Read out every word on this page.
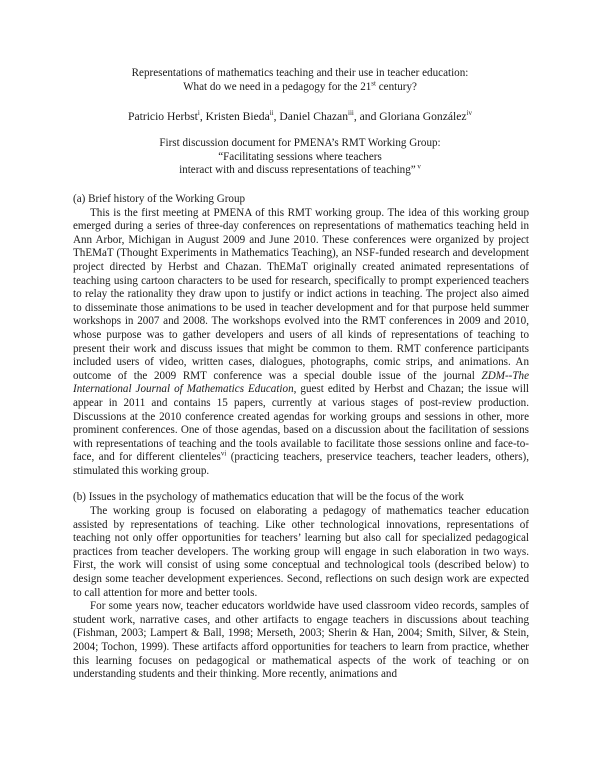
Representations of mathematics teaching and their use in teacher education:
What do we need in a pedagogy for the 21st century?
Patricio Herbst$^i$, Kristen Bieda$^{ii}$, Daniel Chazan$^{iii}$, and Gloriana González$^{iv}$
First discussion document for PMENA’s RMT Working Group:
“Facilitating sessions where teachers
interact with and discuss representations of teaching” $^v$
(a) Brief history of the Working Group

This is the first meeting at PMENA of this RMT working group. The idea of this working group emerged during a series of three-day conferences on representations of mathematics teaching held in Ann Arbor, Michigan in August 2009 and June 2010. These conferences were organized by project ThEMaT (Thought Experiments in Mathematics Teaching), an NSF-funded research and development project directed by Herbst and Chazan. ThEMaT originally created animated representations of teaching using cartoon characters to be used for research, specifically to prompt experienced teachers to relay the rationality they draw upon to justify or indict actions in teaching. The project also aimed to disseminate those animations to be used in teacher development and for that purpose held summer workshops in 2007 and 2008. The workshops evolved into the RMT conferences in 2009 and 2010, whose purpose was to gather developers and users of all kinds of representations of teaching to present their work and discuss issues that might be common to them. RMT conference participants included users of video, written cases, dialogues, photographs, comic strips, and animations. An outcome of the 2009 RMT conference was a special double issue of the journal ZDM--The International Journal of Mathematics Education, guest edited by Herbst and Chazan; the issue will appear in 2011 and contains 15 papers, currently at various stages of post-review production. Discussions at the 2010 conference created agendas for working groups and sessions in other, more prominent conferences. One of those agendas, based on a discussion about the facilitation of sessions with representations of teaching and the tools available to facilitate those sessions online and face-to-face, and for different clienteles$^{vi}$ (practicing teachers, preservice teachers, teacher leaders, others), stimulated this working group.

(b) Issues in the psychology of mathematics education that will be the focus of the work

The working group is focused on elaborating a pedagogy of mathematics teacher education assisted by representations of teaching. Like other technological innovations, representations of teaching not only offer opportunities for teachers’ learning but also call for specialized pedagogical practices from teacher developers. The working group will engage in such elaboration in two ways. First, the work will consist of using some conceptual and technological tools (described below) to design some teacher development experiences. Second, reflections on such design work are expected to call attention for more and better tools.

For some years now, teacher educators worldwide have used classroom video records, samples of student work, narrative cases, and other artifacts to engage teachers in discussions about teaching (Fishman, 2003; Lampert & Ball, 1998; Merseth, 2003; Sherin & Han, 2004; Smith, Silver, & Stein, 2004; Tochon, 1999). These artifacts afford opportunities for teachers to learn from practice, whether this learning focuses on pedagogical or mathematical aspects of the work of teaching or on understanding students and their thinking. More recently, animations and
